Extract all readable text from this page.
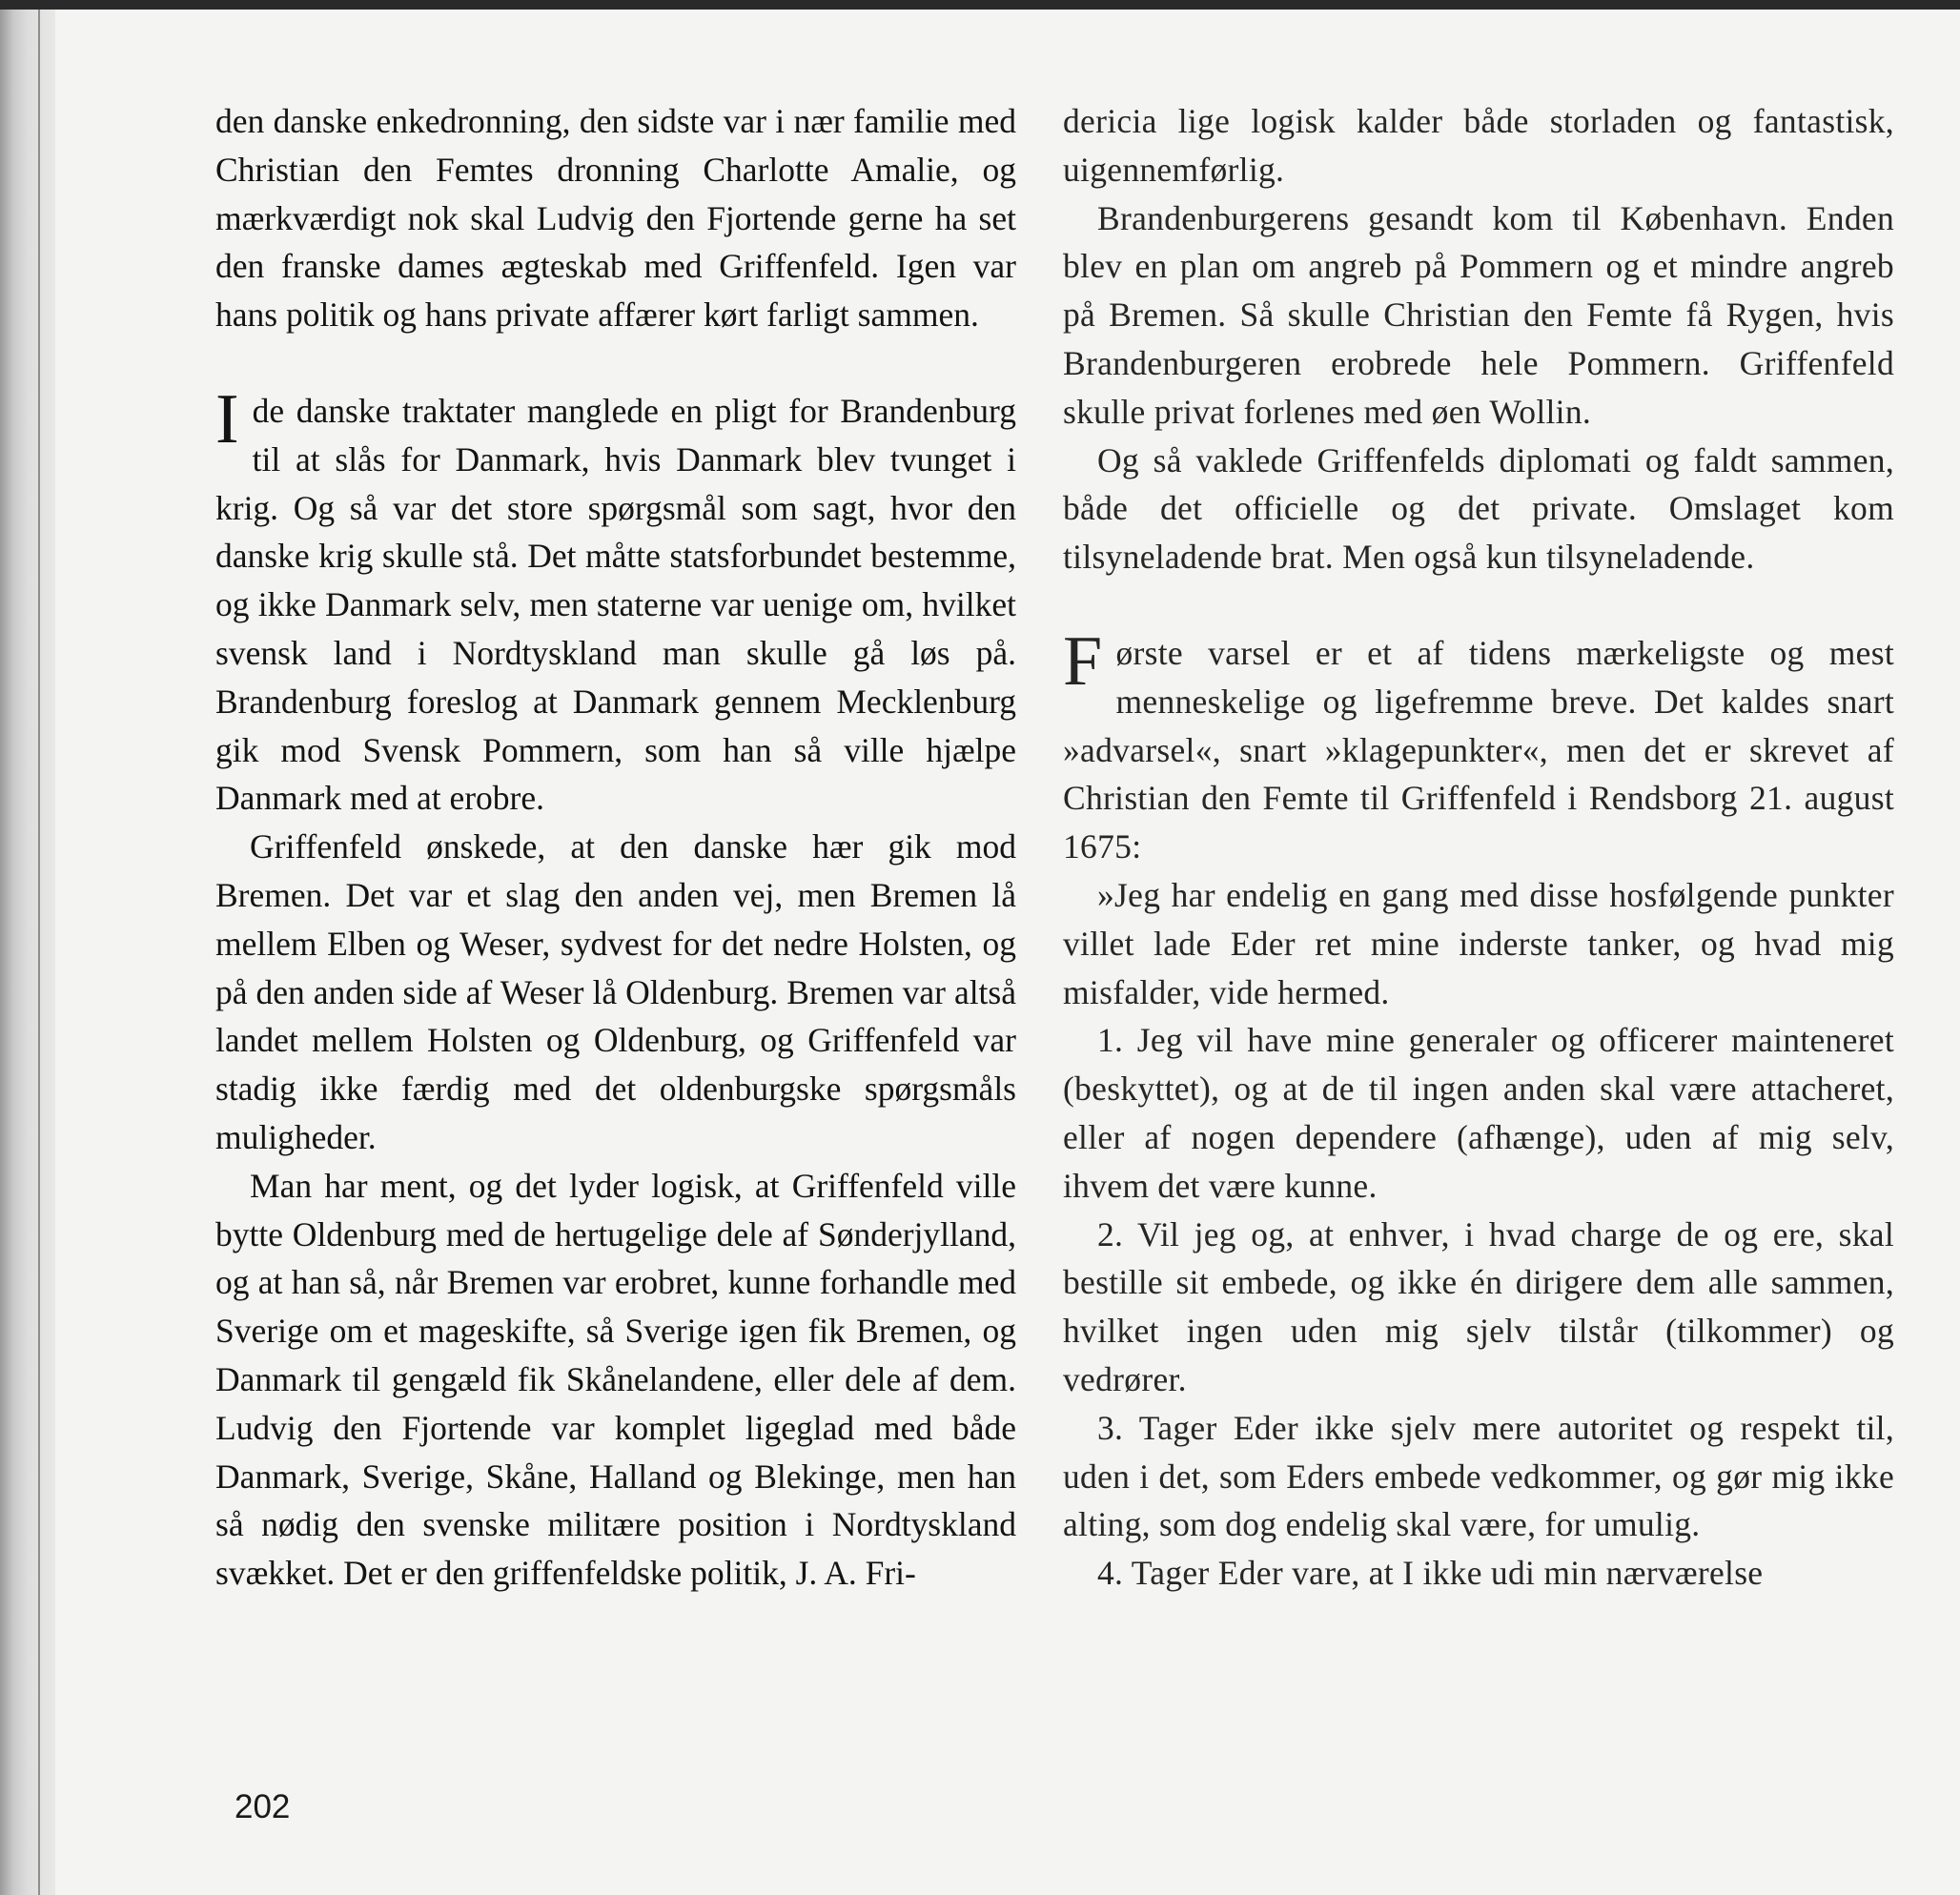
den danske enkedronning, den sidste var i nær familie med Christian den Femtes dronning Charlotte Amalie, og mærkværdigt nok skal Ludvig den Fjortende gerne ha set den franske dames ægteskab med Griffenfeld. Igen var hans politik og hans private affærer kørt farligt sammen.

Ide danske traktater manglede en pligt for Brandenburg til at slås for Danmark, hvis Danmark blev tvunget i krig. Og så var det store spørgsmål som sagt, hvor den danske krig skulle stå. Det måtte statsforbundet bestemme, og ikke Danmark selv, men staterne var uenige om, hvilket svensk land i Nordtyskland man skulle gå løs på. Brandenburg foreslog at Danmark gennem Mecklenburg gik mod Svensk Pommern, som han så ville hjælpe Danmark med at erobre.

Griffenfeld ønskede, at den danske hær gik mod Bremen. Det var et slag den anden vej, men Bremen lå mellem Elben og Weser, sydvest for det nedre Holsten, og på den anden side af Weser lå Oldenburg. Bremen var altså landet mellem Holsten og Oldenburg, og Griffenfeld var stadig ikke færdig med det oldenburgske spørgsmåls muligheder.

Man har ment, og det lyder logisk, at Griffenfeld ville bytte Oldenburg med de hertugelige dele af Sønderjylland, og at han så, når Bremen var erobret, kunne forhandle med Sverige om et mageskifte, så Sverige igen fik Bremen, og Danmark til gengæld fik Skånelandene, eller dele af dem. Ludvig den Fjortende var komplet ligeglad med både Danmark, Sverige, Skåne, Halland og Blekinge, men han så nødig den svenske militære position i Nordtyskland svækket. Det er den griffenfeldske politik, J. A. Fri-

dericia lige logisk kalder både storladen og fantastisk, uigennemførlig.

Brandenburgerens gesandt kom til København. Enden blev en plan om angreb på Pommern og et mindre angreb på Bremen. Så skulle Christian den Femte få Rygen, hvis Brandenburgeren erobrede hele Pommern. Griffenfeld skulle privat forlenes med øen Wollin.

Og så vaklede Griffenfelds diplomati og faldt sammen, både det officielle og det private. Omslaget kom tilsyneladende brat. Men også kun tilsyneladende.

Første varsel er et af tidens mærkeligste og mest menneskelige og ligefremme breve. Det kaldes snart »advarsel«, snart »klagepunkter«, men det er skrevet af Christian den Femte til Griffenfeld i Rendsborg 21. august 1675:

»Jeg har endelig en gang med disse hosfølgende punkter villet lade Eder ret mine inderste tanker, og hvad mig misfalder, vide hermed.

1. Jeg vil have mine generaler og officerer mainteneret (beskyttet), og at de til ingen anden skal være attacheret, eller af nogen dependere (afhænge), uden af mig selv, ihvem det være kunne.

2. Vil jeg og, at enhver, i hvad charge de og ere, skal bestille sit embede, og ikke én dirigere dem alle sammen, hvilket ingen uden mig sjelv tilstår (tilkommer) og vedrører.

3. Tager Eder ikke sjelv mere autoritet og respekt til, uden i det, som Eders embede vedkommer, og gør mig ikke alting, som dog endelig skal være, for umulig.

4. Tager Eder vare, at I ikke udi min nærværelse

202
